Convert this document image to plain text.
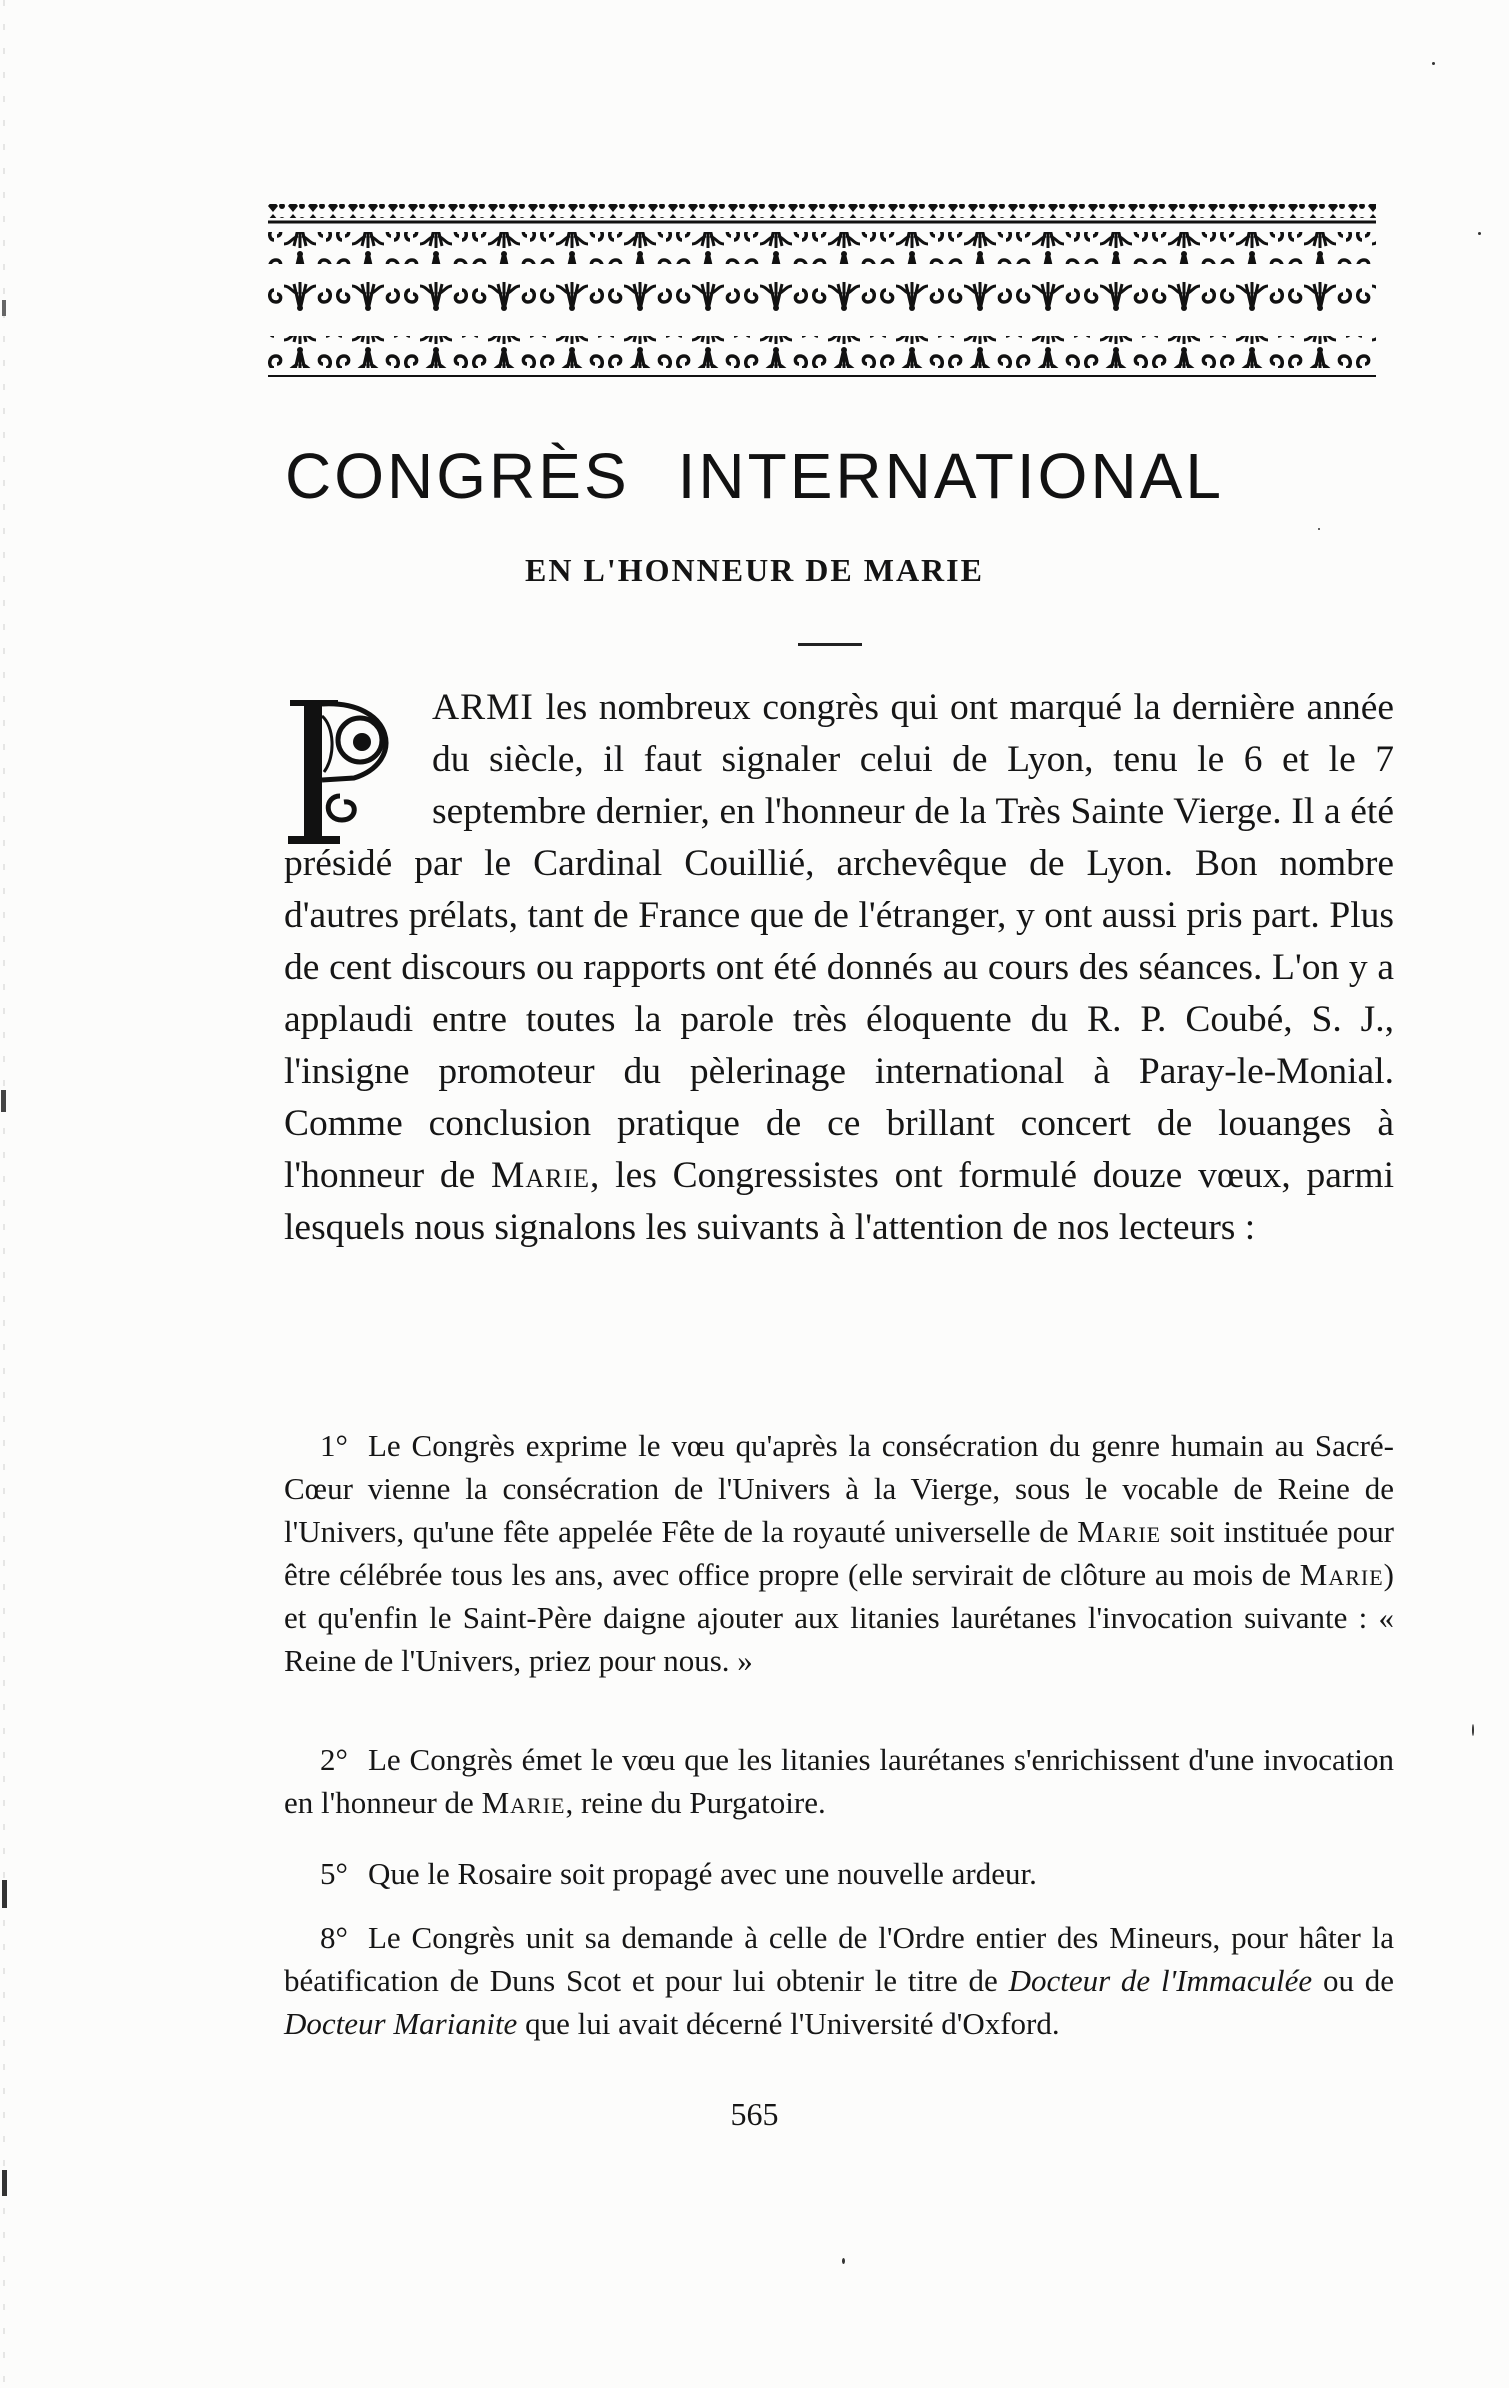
CONGRÈS INTERNATIONAL
EN L'HONNEUR DE MARIE
P	ARMI les nombreux congrès qui ont marqué la dernière année du siècle, il faut signaler celui de Lyon, tenu le 6 et le 7 septembre dernier, en l'honneur de la Très Sainte Vierge. Il a été présidé par le Cardinal Couillié, archevêque de Lyon. Bon nombre d'autres prélats, tant de France que de l'étranger, y ont aussi pris part. Plus de cent discours ou rapports ont été donnés au cours des séances. L'on y a applaudi entre toutes la parole très éloquente du R. P. Coubé, S. J., l'insigne promoteur du pèlerinage international à Paray-le-Monial. Comme conclusion pratique de ce brillant concert de louanges à l'honneur de Marie, les Congressistes ont formulé douze vœux, parmi lesquels nous signalons les suivants à l'attention de nos lecteurs :

1° Le Congrès exprime le vœu qu'après la consécration du genre humain au Sacré-Cœur vienne la consécration de l'Univers à la Vierge, sous le vocable de Reine de l'Univers, qu'une fête appelée Fête de la royauté universelle de Marie soit instituée pour être célébrée tous les ans, avec office propre (elle servirait de clôture au mois de Marie) et qu'enfin le Saint-Père daigne ajouter aux litanies laurétanes l'invocation suivante : « Reine de l'Univers, priez pour nous. »

2° Le Congrès émet le vœu que les litanies laurétanes s'enrichissent d'une invocation en l'honneur de Marie, reine du Purgatoire.

5° Que le Rosaire soit propagé avec une nouvelle ardeur.

8° Le Congrès unit sa demande à celle de l'Ordre entier des Mineurs, pour hâter la béatification de Duns Scot et pour lui obtenir le titre de Docteur de l'Immaculée ou de Docteur Marianite que lui avait décerné l'Université d'Oxford.

565
